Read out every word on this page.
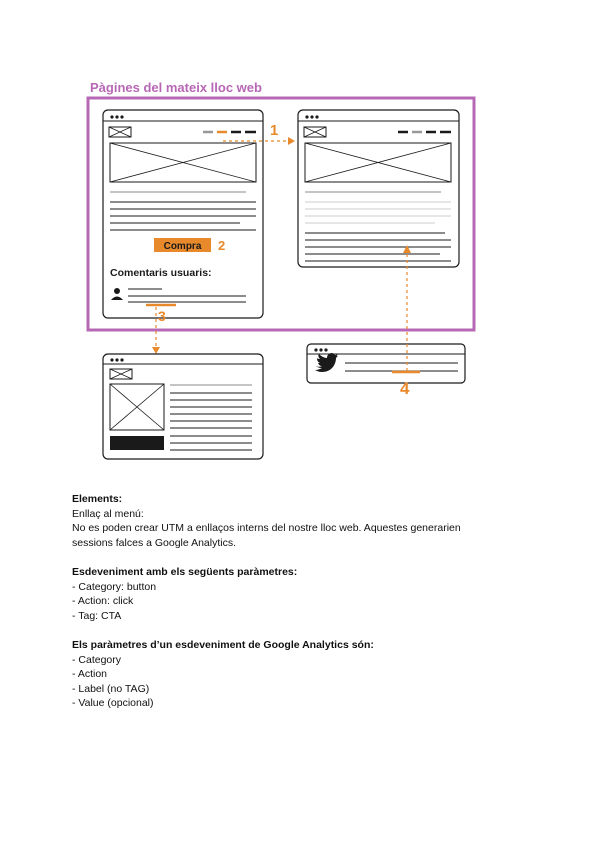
Pàgines del mateix lloc web
Compra 2
Comentaris usuaris:
1
3
4

Elements:

Enllaç al menú:

No es poden crear UTM a enllaços interns del nostre lloc web. Aquestes generarien

sessions falces a Google Analytics.

Esdeveniment amb els següents paràmetres:

- Category: button

- Action: click

- Tag: CTA

Els paràmetres d’un esdeveniment de Google Analytics són:

- Category

- Action

- Label (no TAG)

- Value (opcional)
